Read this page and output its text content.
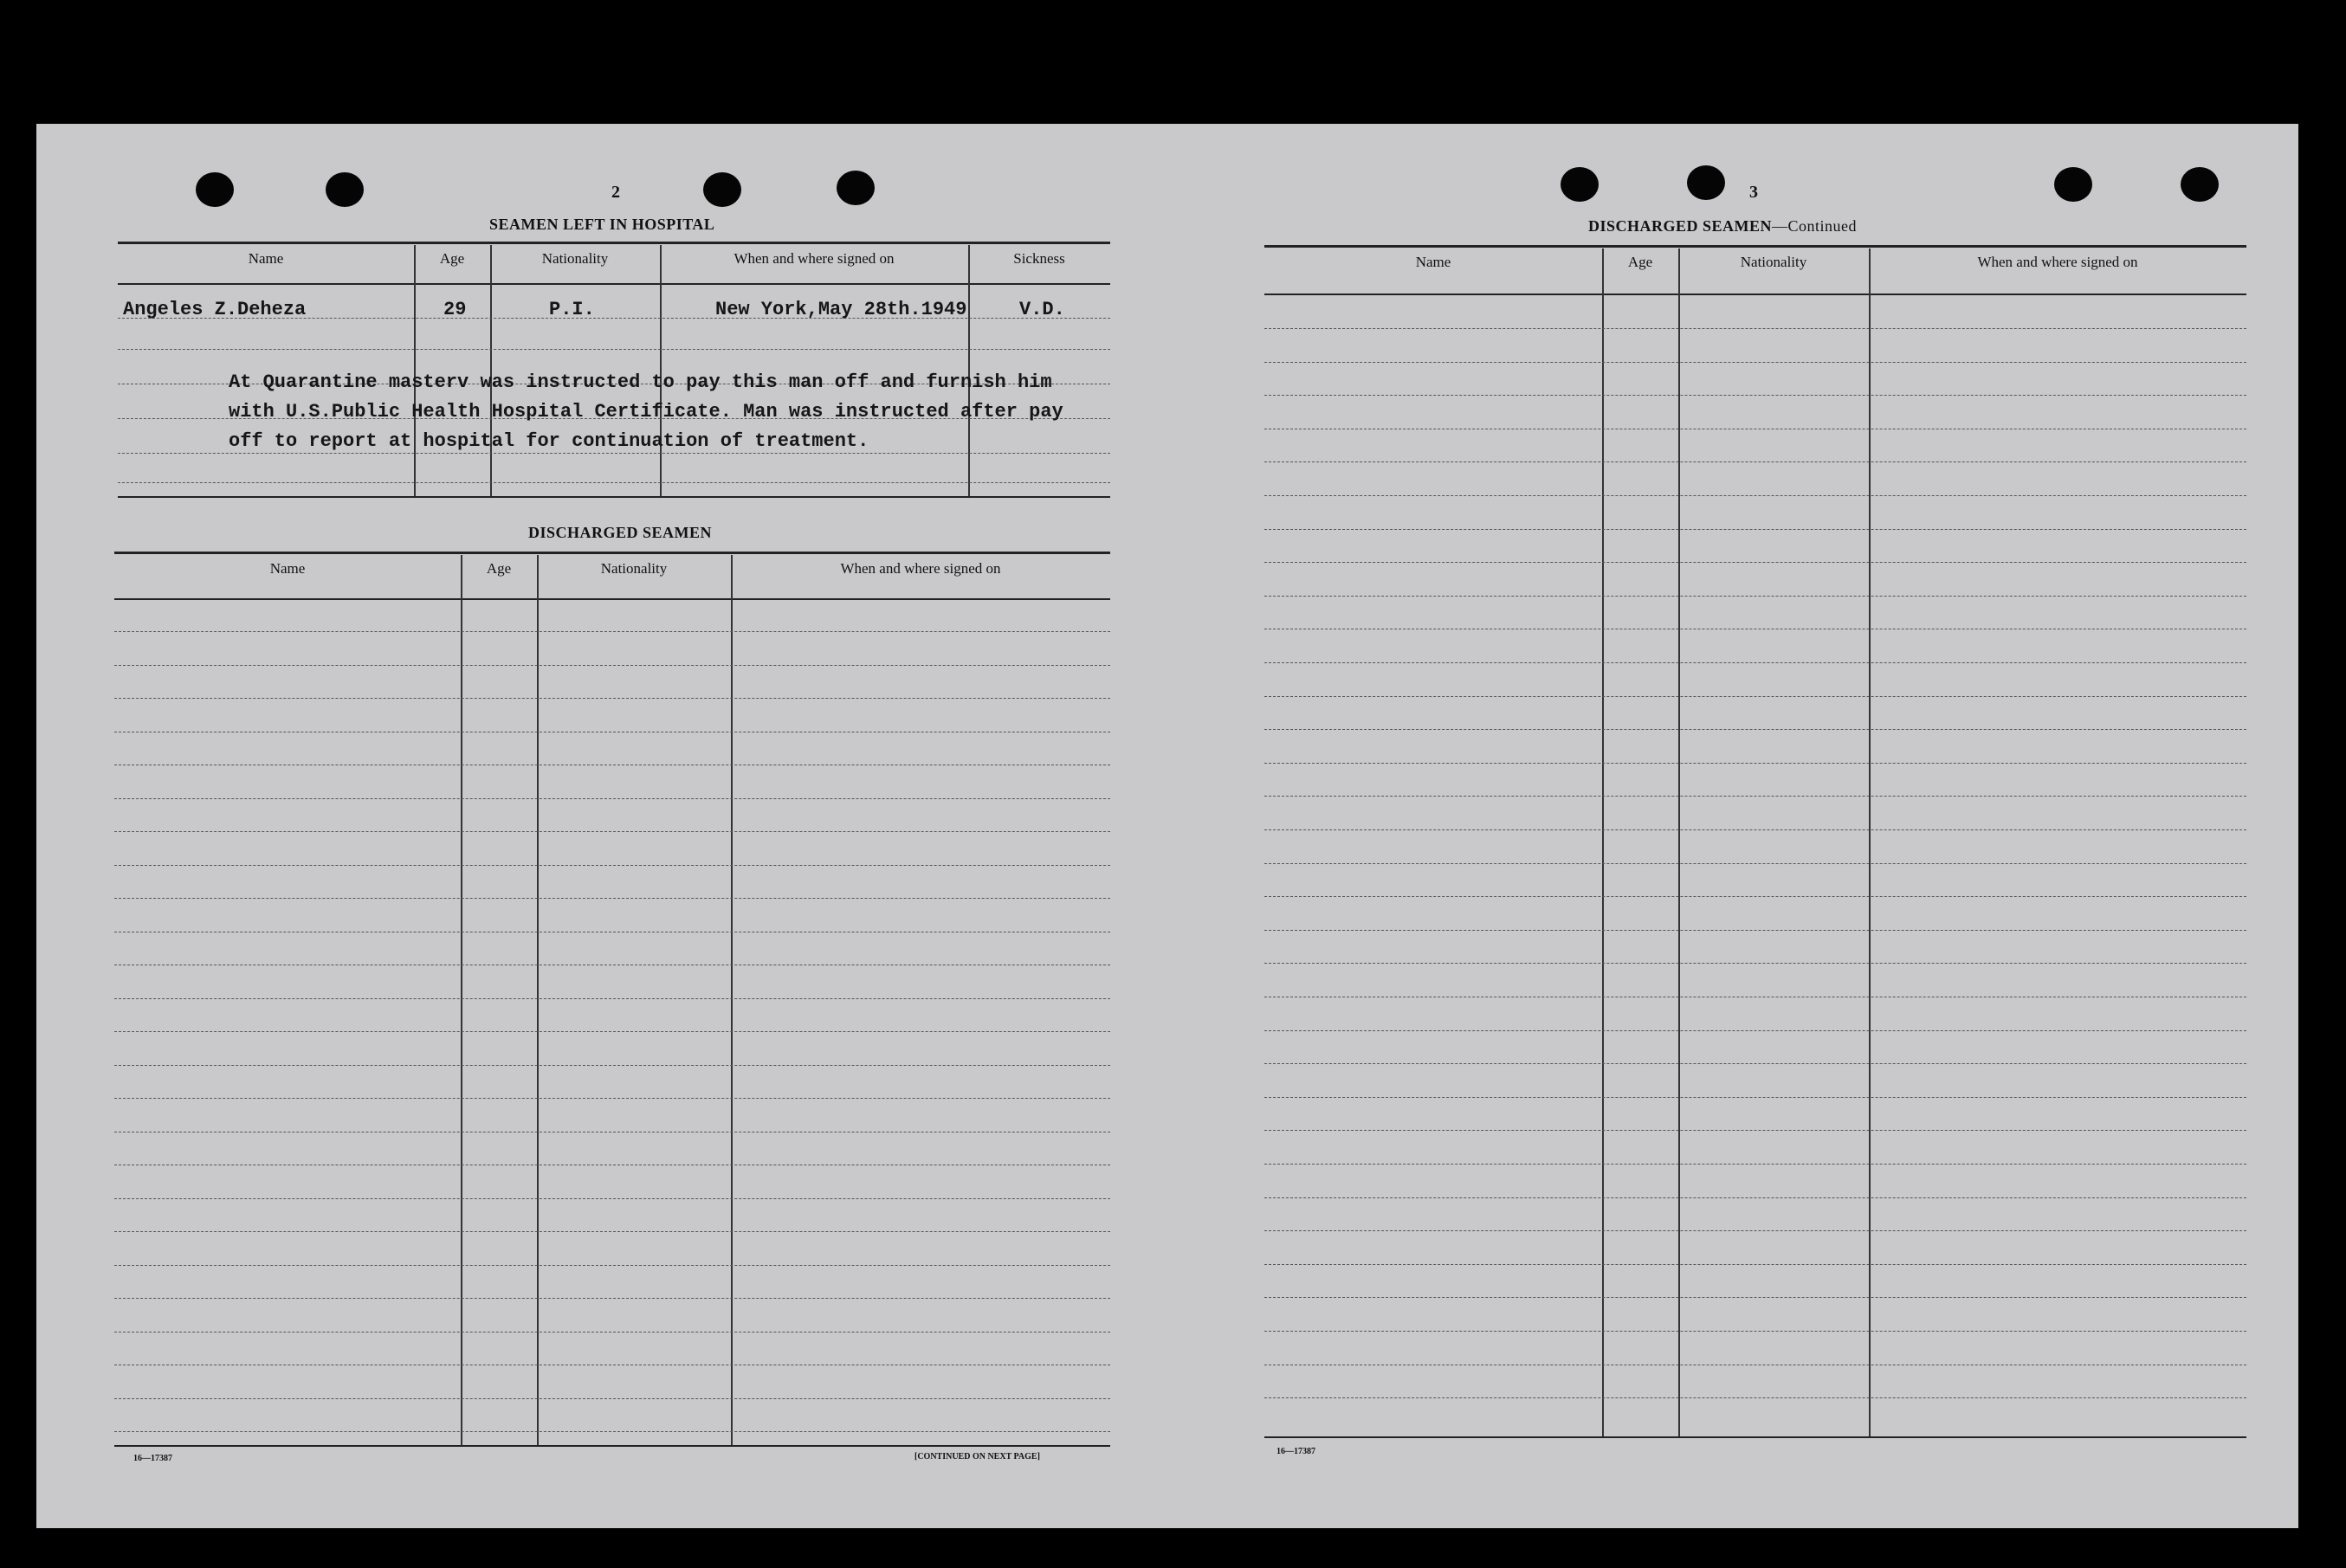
2
SEAMEN LEFT IN HOSPITAL
Name	Age	Nationality	When and where signed on	Sickness
Angeles Z.Deheza	29	P.I.	New York,May 28th.1949	V.D.
At Quarantine masterv was instructed to pay this man off and furnish him
with U.S.Public Health Hospital Certificate. Man was instructed after pay
off to report at hospital for continuation of treatment.
DISCHARGED SEAMEN
Name	Age	Nationality	When and where signed on
16—17387	[CONTINUED ON NEXT PAGE]
3
DISCHARGED SEAMEN—Continued
Name	Age	Nationality	When and where signed on
16—17387
